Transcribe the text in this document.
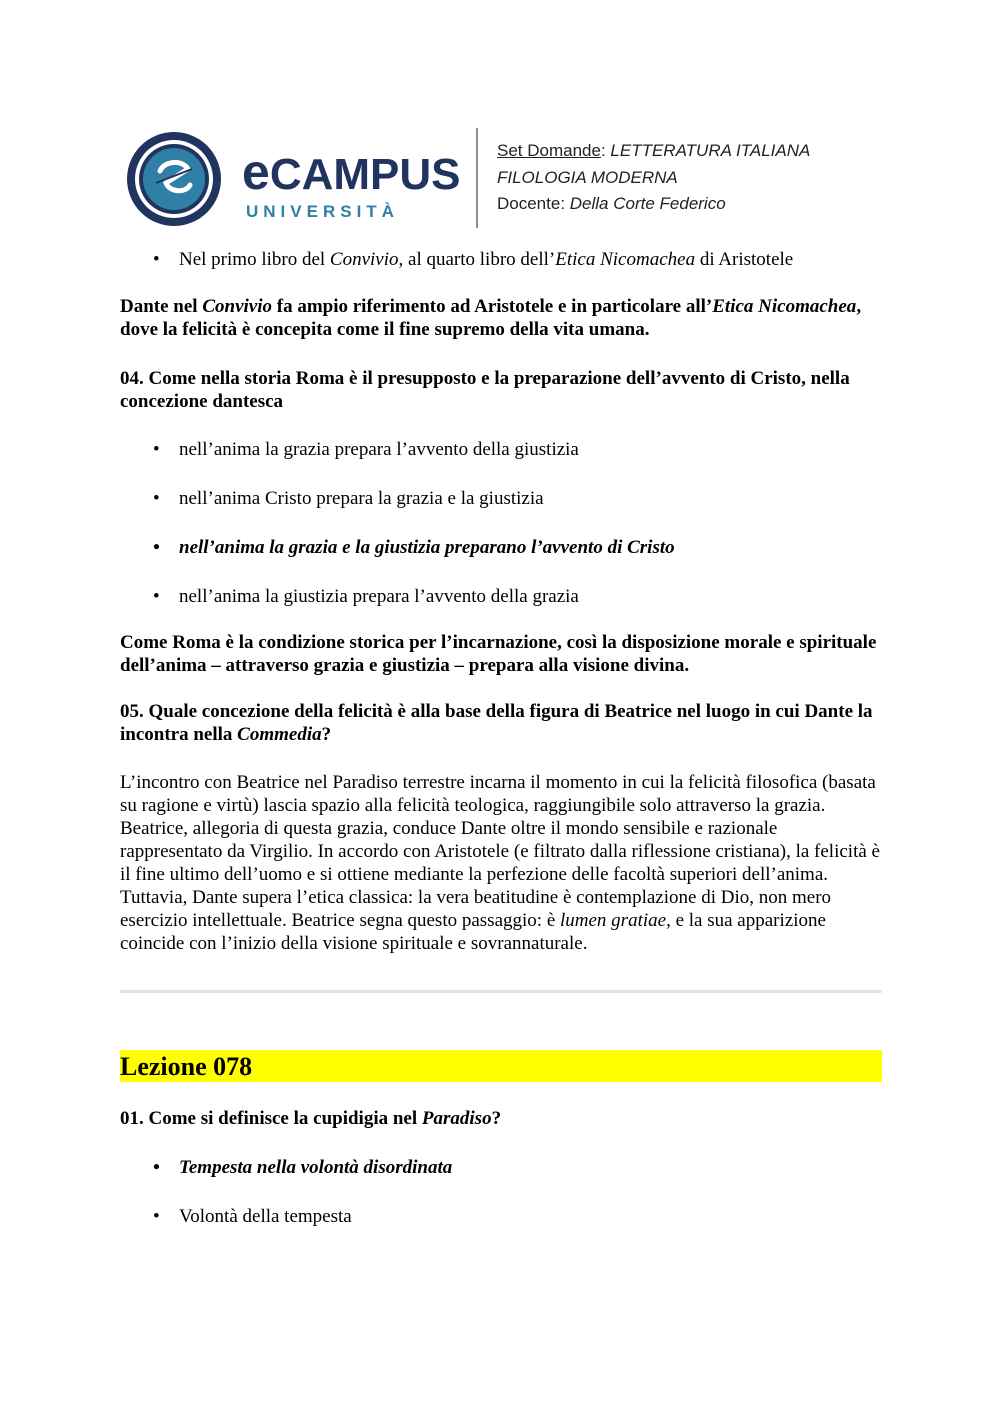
eCAMPUS
UNIVERSITÀ
Set Domande: LETTERATURA ITALIANA
FILOLOGIA MODERNA
Docente: Della Corte Federico

• Nel primo libro del Convivio, al quarto libro dell’Etica Nicomachea di Aristotele

Dante nel Convivio fa ampio riferimento ad Aristotele e in particolare all’Etica Nicomachea, dove la felicità è concepita come il fine supremo della vita umana.

04. Come nella storia Roma è il presupposto e la preparazione dell’avvento di Cristo, nella concezione dantesca

• nell’anima la grazia prepara l’avvento della giustizia

• nell’anima Cristo prepara la grazia e la giustizia

• nell’anima la grazia e la giustizia preparano l’avvento di Cristo

• nell’anima la giustizia prepara l’avvento della grazia

Come Roma è la condizione storica per l’incarnazione, così la disposizione morale e spirituale dell’anima – attraverso grazia e giustizia – prepara alla visione divina.

05. Quale concezione della felicità è alla base della figura di Beatrice nel luogo in cui Dante la incontra nella Commedia?

L’incontro con Beatrice nel Paradiso terrestre incarna il momento in cui la felicità filosofica (basata su ragione e virtù) lascia spazio alla felicità teologica, raggiungibile solo attraverso la grazia. Beatrice, allegoria di questa grazia, conduce Dante oltre il mondo sensibile e razionale rappresentato da Virgilio. In accordo con Aristotele (e filtrato dalla riflessione cristiana), la felicità è il fine ultimo dell’uomo e si ottiene mediante la perfezione delle facoltà superiori dell’anima. Tuttavia, Dante supera l’etica classica: la vera beatitudine è contemplazione di Dio, non mero esercizio intellettuale. Beatrice segna questo passaggio: è lumen gratiae, e la sua apparizione coincide con l’inizio della visione spirituale e sovrannaturale.

Lezione 078

01. Come si definisce la cupidigia nel Paradiso?

• Tempesta nella volontà disordinata

• Volontà della tempesta
